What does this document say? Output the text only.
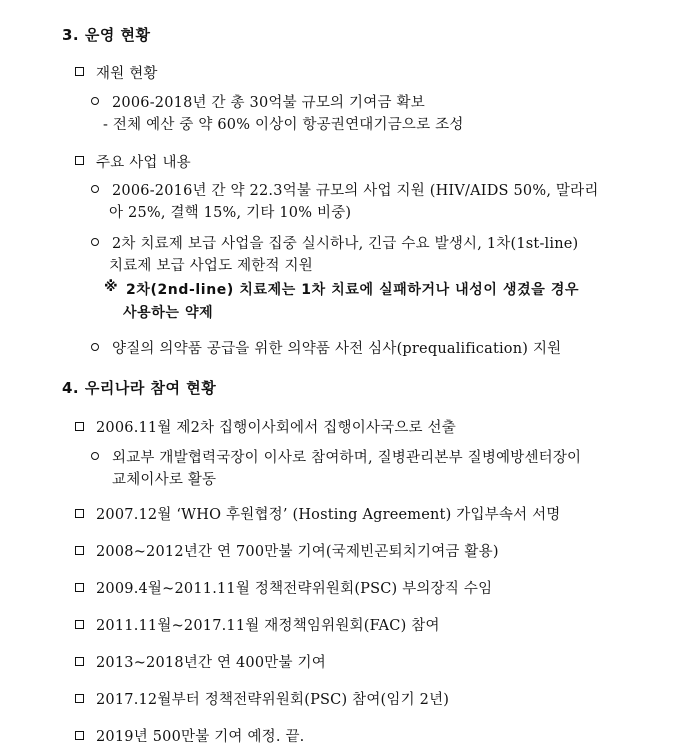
3. 운영 현황
재원 현황
2006-2018년 간 총 30억불 규모의 기여금 확보
- 전체 예산 중 약 60% 이상이 항공권연대기금으로 조성
주요 사업 내용
2006-2016년 간 약 22.3억불 규모의 사업 지원 (HIV/AIDS 50%, 말라리
아 25%, 결핵 15%, 기타 10% 비중)
2차 치료제 보급 사업을 집중 실시하나, 긴급 수요 발생시, 1차(1st-line)
치료제 보급 사업도 제한적 지원
※ 2차(2nd-line) 치료제는 1차 치료에 실패하거나 내성이 생겼을 경우
사용하는 약제
양질의 의약품 공급을 위한 의약품 사전 심사(prequalification) 지원
4. 우리나라 참여 현황
2006.11월 제2차 집행이사회에서 집행이사국으로 선출
외교부 개발협력국장이 이사로 참여하며, 질병관리본부 질병예방센터장이
교체이사로 활동
2007.12월 ‘WHO 후원협정’ (Hosting Agreement) 가입부속서 서명
2008~2012년간 연 700만불 기여(국제빈곤퇴치기여금 활용)
2009.4월~2011.11월 정책전략위원회(PSC) 부의장직 수임
2011.11월~2017.11월 재정책임위원회(FAC) 참여
2013~2018년간 연 400만불 기여
2017.12월부터 정책전략위원회(PSC) 참여(임기 2년)
2019년 500만불 기여 예정. 끝.
